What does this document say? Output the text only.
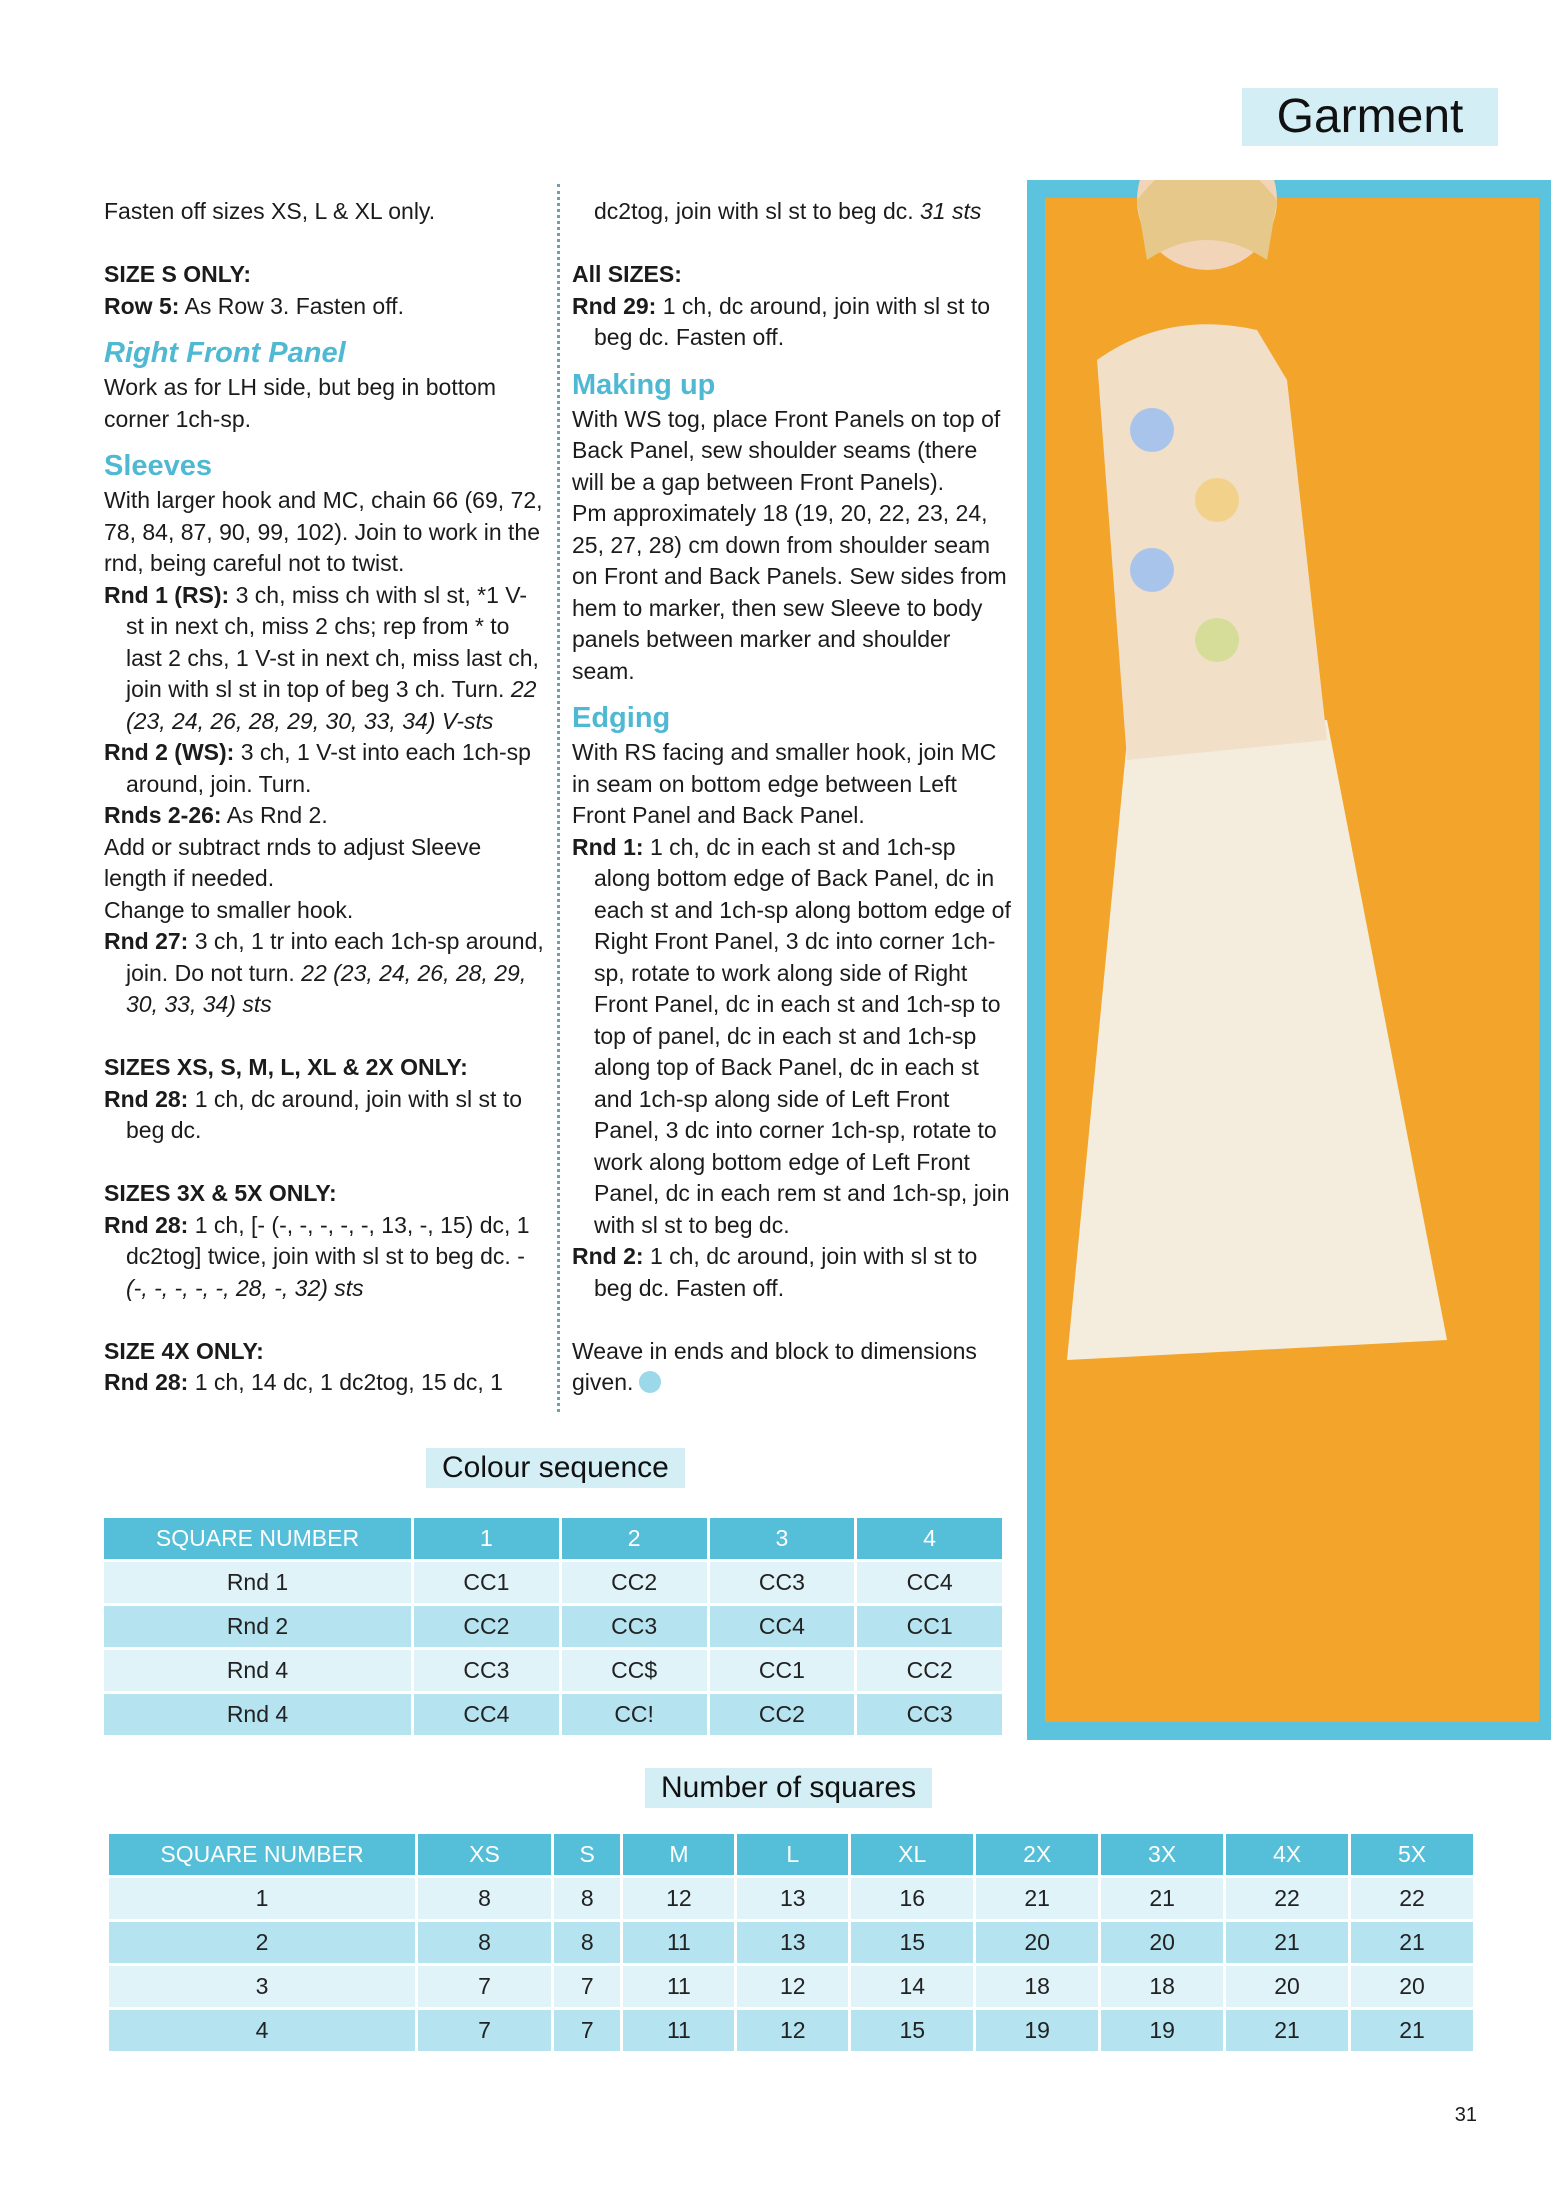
Garment

Fasten off sizes XS, L & XL only.

SIZE S ONLY:

Row 5: As Row 3. Fasten off.

Right Front Panel

Work as for LH side, but beg in bottom corner 1ch-sp.

Sleeves

With larger hook and MC, chain 66 (69, 72, 78, 84, 87, 90, 99, 102). Join to work in the rnd, being careful not to twist.

Rnd 1 (RS): 3 ch, miss ch with sl st, *1 V-st in next ch, miss 2 chs; rep from * to last 2 chs, 1 V-st in next ch, miss last ch, join with sl st in top of beg 3 ch. Turn. 22 (23, 24, 26, 28, 29, 30, 33, 34) V-sts

Rnd 2 (WS): 3 ch, 1 V-st into each 1ch-sp around, join. Turn.

Rnds 2-26: As Rnd 2.

Add or subtract rnds to adjust Sleeve length if needed.

Change to smaller hook.

Rnd 27: 3 ch, 1 tr into each 1ch-sp around, join. Do not turn. 22 (23, 24, 26, 28, 29, 30, 33, 34) sts

SIZES XS, S, M, L, XL & 2X ONLY:

Rnd 28: 1 ch, dc around, join with sl st to beg dc.

SIZES 3X & 5X ONLY:

Rnd 28: 1 ch, [- (-, -, -, -, -, 13, -, 15) dc, 1 dc2tog] twice, join with sl st to beg dc. - (-, -, -, -, -, 28, -, 32) sts

SIZE 4X ONLY:

Rnd 28: 1 ch, 14 dc, 1 dc2tog, 15 dc, 1

dc2tog, join with sl st to beg dc. 31 sts

All SIZES:

Rnd 29: 1 ch, dc around, join with sl st to beg dc. Fasten off.

Making up

With WS tog, place Front Panels on top of Back Panel, sew shoulder seams (there will be a gap between Front Panels).

Pm approximately 18 (19, 20, 22, 23, 24, 25, 27, 28) cm down from shoulder seam on Front and Back Panels. Sew sides from hem to marker, then sew Sleeve to body panels between marker and shoulder seam.

Edging

With RS facing and smaller hook, join MC in seam on bottom edge between Left Front Panel and Back Panel.

Rnd 1: 1 ch, dc in each st and 1ch-sp along bottom edge of Back Panel, dc in each st and 1ch-sp along bottom edge of Right Front Panel, 3 dc into corner 1ch-sp, rotate to work along side of Right Front Panel, dc in each st and 1ch-sp to top of panel, dc in each st and 1ch-sp along top of Back Panel, dc in each st and 1ch-sp along side of Left Front Panel, 3 dc into corner 1ch-sp, rotate to work along bottom edge of Left Front Panel, dc in each rem st and 1ch-sp, join with sl st to beg dc.

Rnd 2: 1 ch, dc around, join with sl st to beg dc. Fasten off.

Weave in ends and block to dimensions given.

Colour sequence
SQUARE NUMBER	1	2	3	4
Rnd 1	CC1	CC2	CC3	CC4
Rnd 2	CC2	CC3	CC4	CC1
Rnd 4	CC3	CC$	CC1	CC2
Rnd 4	CC4	CC!	CC2	CC3
Number of squares
SQUARE NUMBER	XS	S	M	L	XL	2X	3X	4X	5X
1	8	8	12	13	16	21	21	22	22
2	8	8	11	13	15	20	20	21	21
3	7	7	11	12	14	18	18	20	20
4	7	7	11	12	15	19	19	21	21
31
